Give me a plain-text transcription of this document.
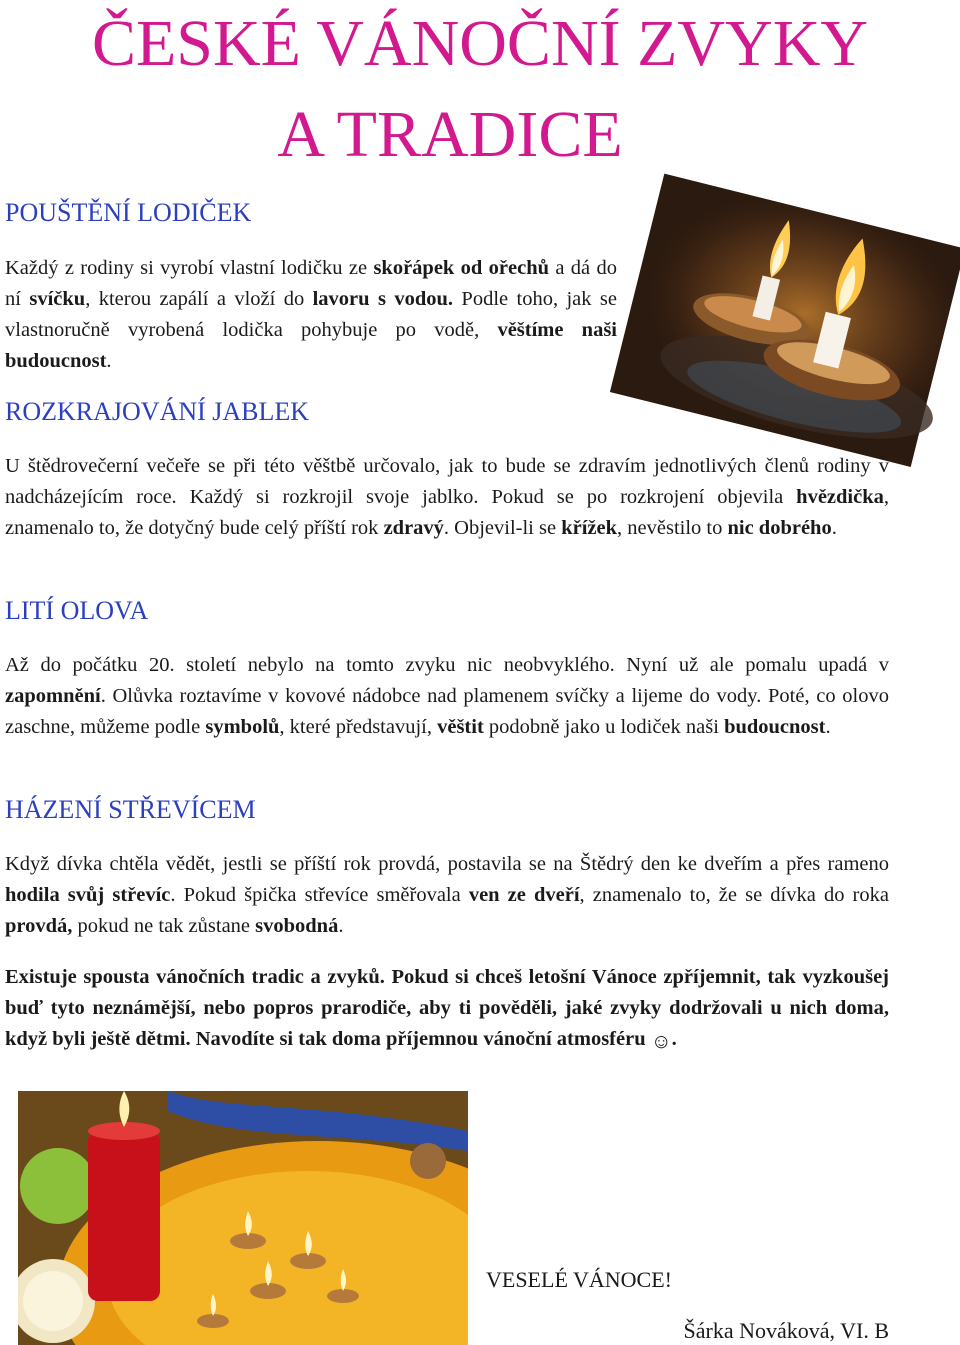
ČESKÉ VÁNOČNÍ ZVYKY
A TRADICE
POUŠTĚNÍ LODIČEK

Každý z rodiny si vyrobí vlastní lodičku ze skořápek od ořechů a dá do ní svíčku, kterou zapálí a vloží do lavoru s vodou. Podle toho, jak se vlastnoručně vyrobená lodička pohybuje po vodě, věštíme naši budoucnost.

ROZKRAJOVÁNÍ JABLEK

U štědrovečerní večeře se při této věštbě určovalo, jak to bude se zdravím jednotlivých členů rodiny v nadcházejícím roce. Každý si rozkrojil svoje jablko. Pokud se po rozkrojení objevila hvězdička, znamenalo to, že dotyčný bude celý příští rok zdravý. Objevil-li se křížek, nevěstilo to nic dobrého.

LITÍ OLOVA

Až do počátku 20. století nebylo na tomto zvyku nic neobvyklého. Nyní už ale pomalu upadá v zapomnění. Olůvka roztavíme v kovové nádobce nad plamenem svíčky a lijeme do vody. Poté, co olovo zaschne, můžeme podle symbolů, které představují, věštit podobně jako u lodiček naši budoucnost.

HÁZENÍ STŘEVÍCEM

Když dívka chtěla vědět, jestli se příští rok provdá, postavila se na Štědrý den ke dveřím a přes rameno hodila svůj střevíc. Pokud špička střevíce směřovala ven ze dveří, znamenalo to, že se dívka do roka provdá, pokud ne tak zůstane svobodná.

Existuje spousta vánočních tradic a zvyků. Pokud si chceš letošní Vánoce zpříjemnit, tak vyzkoušej buď tyto neznámější, nebo popros prarodiče, aby ti pověděli, jaké zvyky dodržovali u nich doma, když byli ještě dětmi. Navodíte si tak doma příjemnou vánoční atmosféru ☺.

VESELÉ VÁNOCE!

Šárka Nováková, VI. B
